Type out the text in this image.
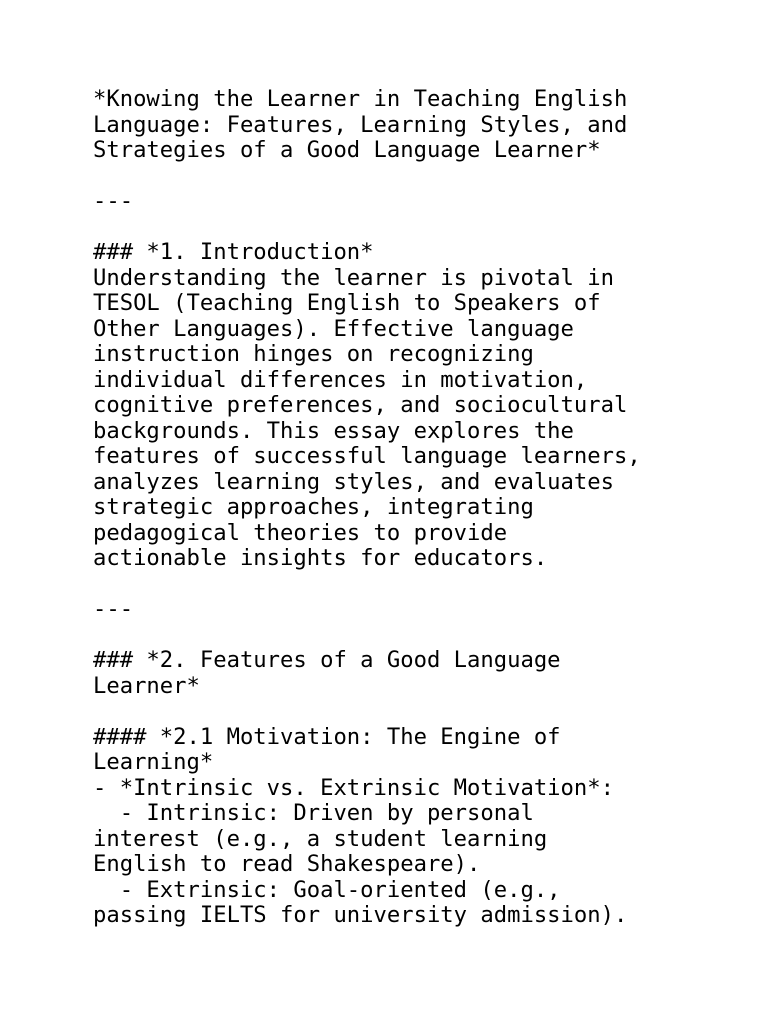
*Knowing the Learner in Teaching English
Language: Features, Learning Styles, and
Strategies of a Good Language Learner*
---
### *1. Introduction*
Understanding the learner is pivotal in
TESOL (Teaching English to Speakers of
Other Languages). Effective language
instruction hinges on recognizing
individual differences in motivation,
cognitive preferences, and sociocultural
backgrounds. This essay explores the
features of successful language learners,
analyzes learning styles, and evaluates
strategic approaches, integrating
pedagogical theories to provide
actionable insights for educators.
---
### *2. Features of a Good Language
Learner*
#### *2.1 Motivation: The Engine of
Learning*
- *Intrinsic vs. Extrinsic Motivation*:
- Intrinsic: Driven by personal
interest (e.g., a student learning
English to read Shakespeare).
- Extrinsic: Goal-oriented (e.g.,
passing IELTS for university admission).
